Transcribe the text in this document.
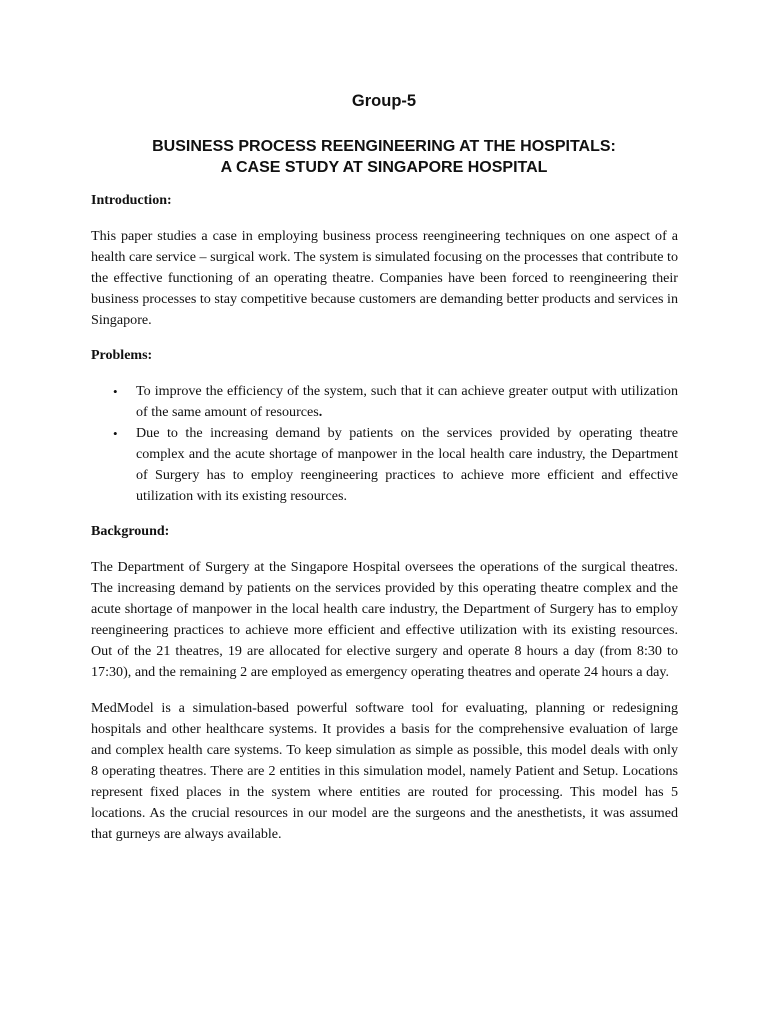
Group-5
BUSINESS PROCESS REENGINEERING AT THE HOSPITALS:
A CASE STUDY AT SINGAPORE HOSPITAL
Introduction:

This paper studies a case in employing business process reengineering techniques on one aspect of a health care service – surgical work. The system is simulated focusing on the processes that contribute to the effective functioning of an operating theatre. Companies have been forced to reengineering their business processes to stay competitive because customers are demanding better products and services in Singapore.

Problems:
• To improve the efficiency of the system, such that it can achieve greater output with utilization of the same amount of resources.
• Due to the increasing demand by patients on the services provided by operating theatre complex and the acute shortage of manpower in the local health care industry, the Department of Surgery has to employ reengineering practices to achieve more efficient and effective utilization with its existing resources.
Background:

The Department of Surgery at the Singapore Hospital oversees the operations of the surgical theatres. The increasing demand by patients on the services provided by this operating theatre complex and the acute shortage of manpower in the local health care industry, the Department of Surgery has to employ reengineering practices to achieve more efficient and effective utilization with its existing resources. Out of the 21 theatres, 19 are allocated for elective surgery and operate 8 hours a day (from 8:30 to 17:30), and the remaining 2 are employed as emergency operating theatres and operate 24 hours a day.

MedModel is a simulation-based powerful software tool for evaluating, planning or redesigning hospitals and other healthcare systems. It provides a basis for the comprehensive evaluation of large and complex health care systems. To keep simulation as simple as possible, this model deals with only 8 operating theatres. There are 2 entities in this simulation model, namely Patient and Setup. Locations represent fixed places in the system where entities are routed for processing. This model has 5 locations. As the crucial resources in our model are the surgeons and the anesthetists, it was assumed that gurneys are always available.
